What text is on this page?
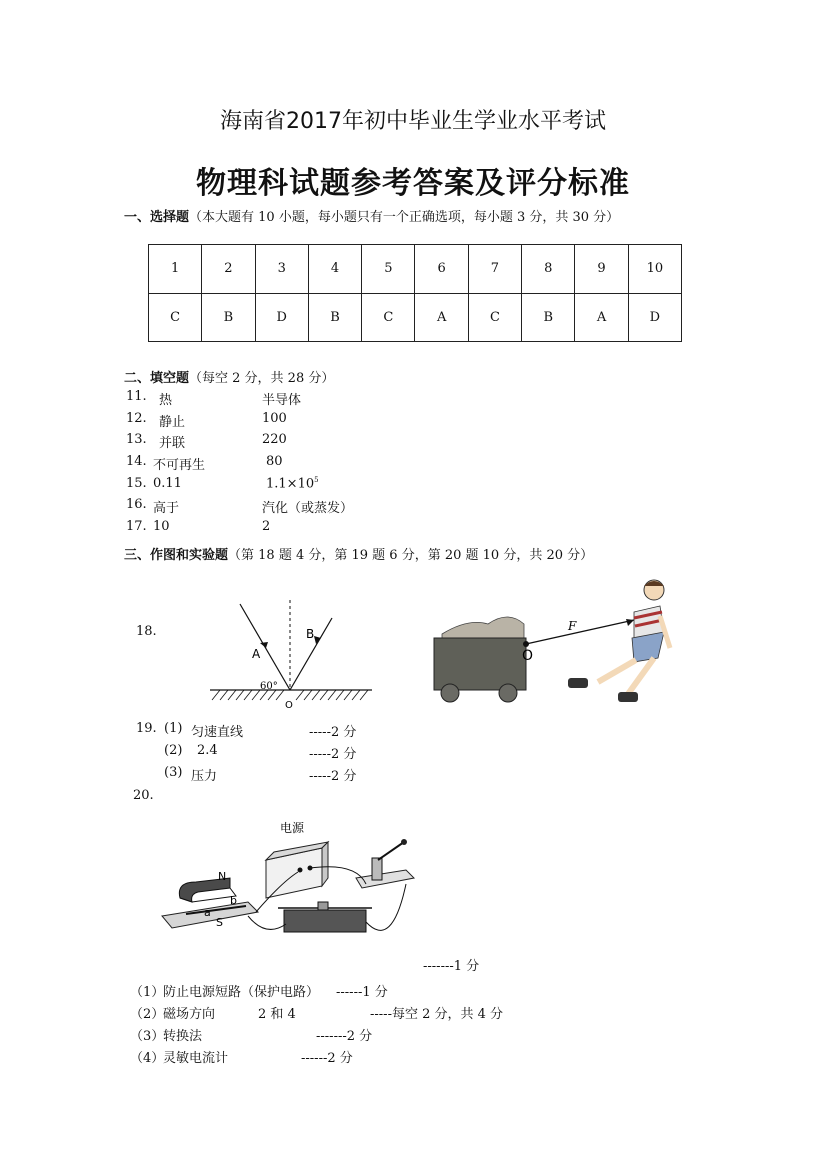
海南省2017年初中毕业生学业水平考试
物理科试题参考答案及评分标准
一、选择题（本大题有 10 小题，每小题只有一个正确选项，每小题 3 分，共 30 分）
1	2	3	4	5	6	7	8	9	10
C	B	D	B	C	A	C	B	A	D
二、填空题（每空 2 分，共 28 分）
11. 热	半导体
12. 静止	100
13. 并联	220
14. 不可再生	80
15. 0.11	$1.1\times 10^5$
16. 高于	汽化（或蒸发）
17. 10	2
三、作图和实验题（第 18 题 4 分，第 19 题 6 分，第 20 题 10 分，共 20 分）
18.
A
B
60°
O
F
O
19. (1) 匀速直线	-----2 分
(2) 2.4	-----2 分
(3) 压力	-----2 分
20.
电源
N
b
a
S
-------1 分
（1）
防止电源短路（保护电路） ------1 分
（2）
磁场方向	2 和 4	-----每空 2 分，共 4 分
（3）
转换法	-------2 分
（4）
灵敏电流计	------2 分
